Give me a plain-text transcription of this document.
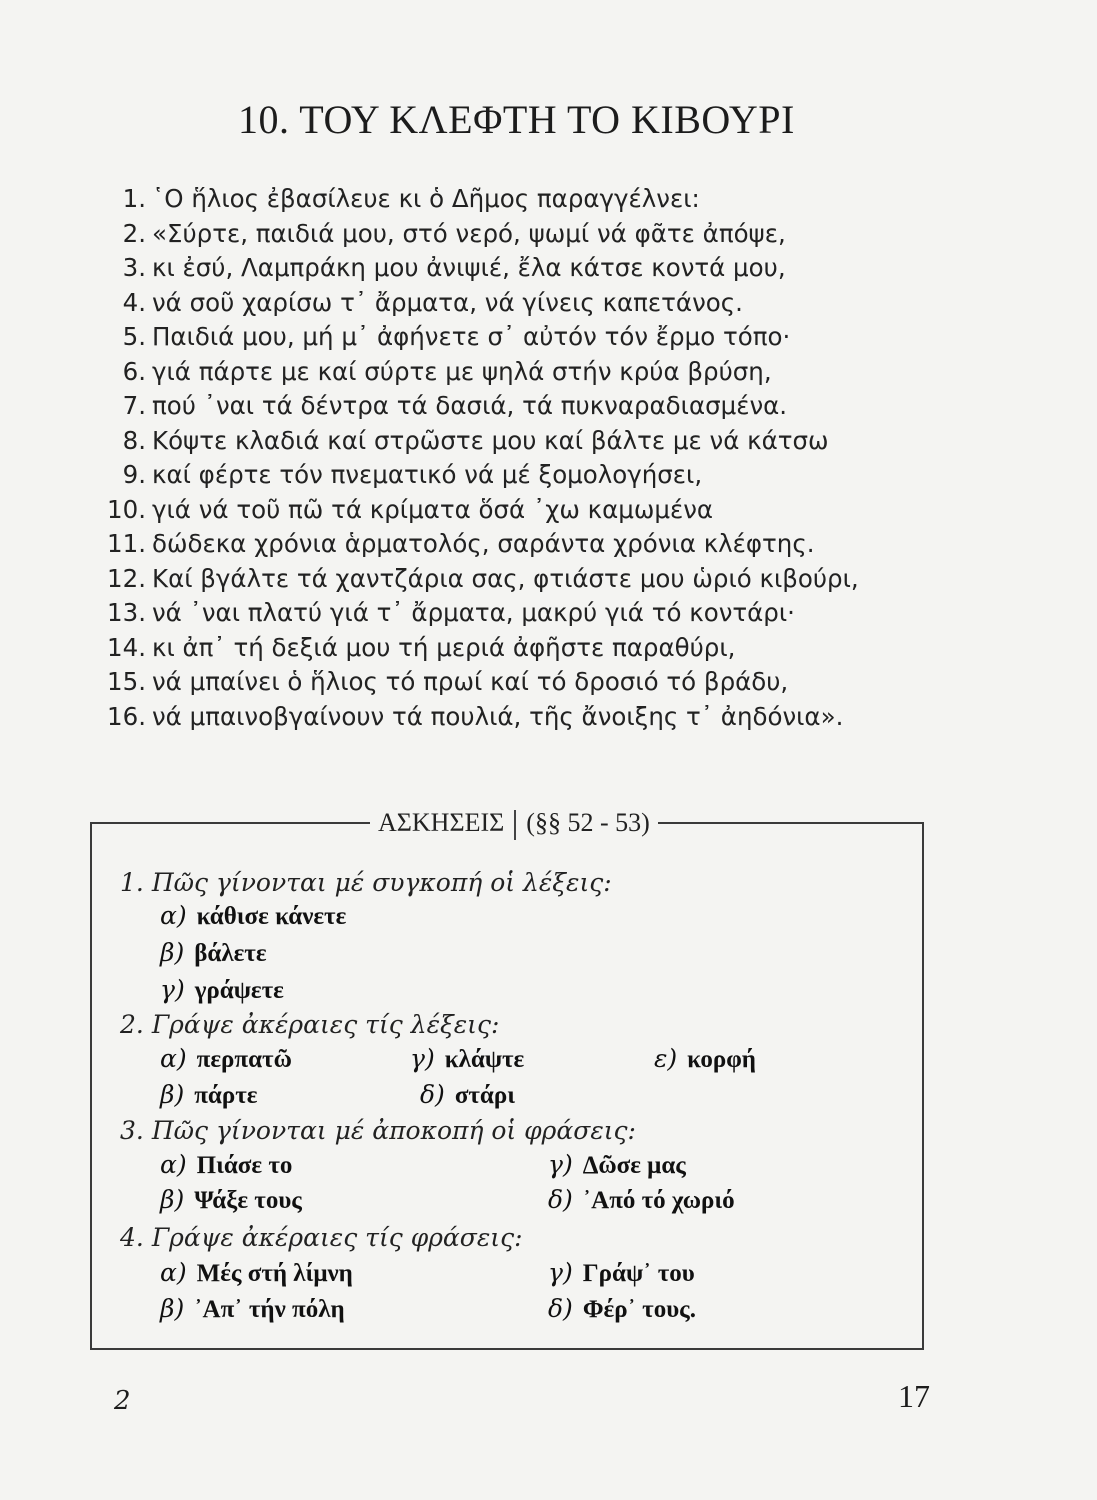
10. ΤΟΥ ΚΛΕΦΤΗ ΤΟ ΚΙΒΟΥΡΙ
1. ῾Ο ἥλιος ἐβασίλευε κι ὁ Δῆμος παραγγέλνει:
2. «Σύρτε, παιδιά μου, στό νερό, ψωμί νά φᾶτε ἀπόψε,
3. κι ἐσύ, Λαμπράκη μου ἀνιψιέ, ἔλα κάτσε κοντά μου,
4. νά σοῦ χαρίσω τ᾽ ἄρματα, νά γίνεις καπετάνος.
5. Παιδιά μου, μή μ᾽ ἀφήνετε σ᾽ αὐτόν τόν ἔρμο τόπο·
6. γιά πάρτε με καί σύρτε με ψηλά στήν κρύα βρύση,
7. πού ᾽ναι τά δέντρα τά δασιά, τά πυκναραδιασμένα.
8. Κόψτε κλαδιά καί στρῶστε μου καί βάλτε με νά κάτσω
9. καί φέρτε τόν πνεματικό νά μέ ξομολογήσει,
10. γιά νά τοῦ πῶ τά κρίματα ὅσά ᾽χω καμωμένα
11. δώδεκα χρόνια ἁρματολός, σαράντα χρόνια κλέφτης.
12. Καί βγάλτε τά χαντζάρια σας, φτιάστε μου ὡριό κιβούρι,
13. νά ᾽ναι πλατύ γιά τ᾽ ἄρματα, μακρύ γιά τό κοντάρι·
14. κι ἀπ᾽ τή δεξιά μου τή μεριά ἀφῆστε παραθύρι,
15. νά μπαίνει ὁ ἥλιος τό πρωί καί τό δροσιό τό βράδυ,
16. νά μπαινοβγαίνουν τά πουλιά, τῆς ἄνοιξης τ᾽ ἀηδόνια».
ΑΣΚΗΣΕΙΣ (§§ 52 - 53)
1. Πῶς γίνονται μέ συγκοπή οἱ λέξεις:
α) κάθισε κάνετε
β) βάλετε
γ) γράψετε
2. Γράψε ἀκέραιες τίς λέξεις:
α) περπατῶ
β) πάρτε
γ) κλάψτε
δ) στάρι
ε) κορφή
3. Πῶς γίνονται μέ ἀποκοπή οἱ φράσεις:
α) Πιάσε το
β) Ψάξε τους
γ) Δῶσε μας
δ) ᾽Από τό χωριό
4. Γράψε ἀκέραιες τίς φράσεις:
α) Μές στή λίμνη
β) ᾽Απ᾽ τήν πόλη
γ) Γράψ᾽ του
δ) Φέρ᾽ τους.
2	17
